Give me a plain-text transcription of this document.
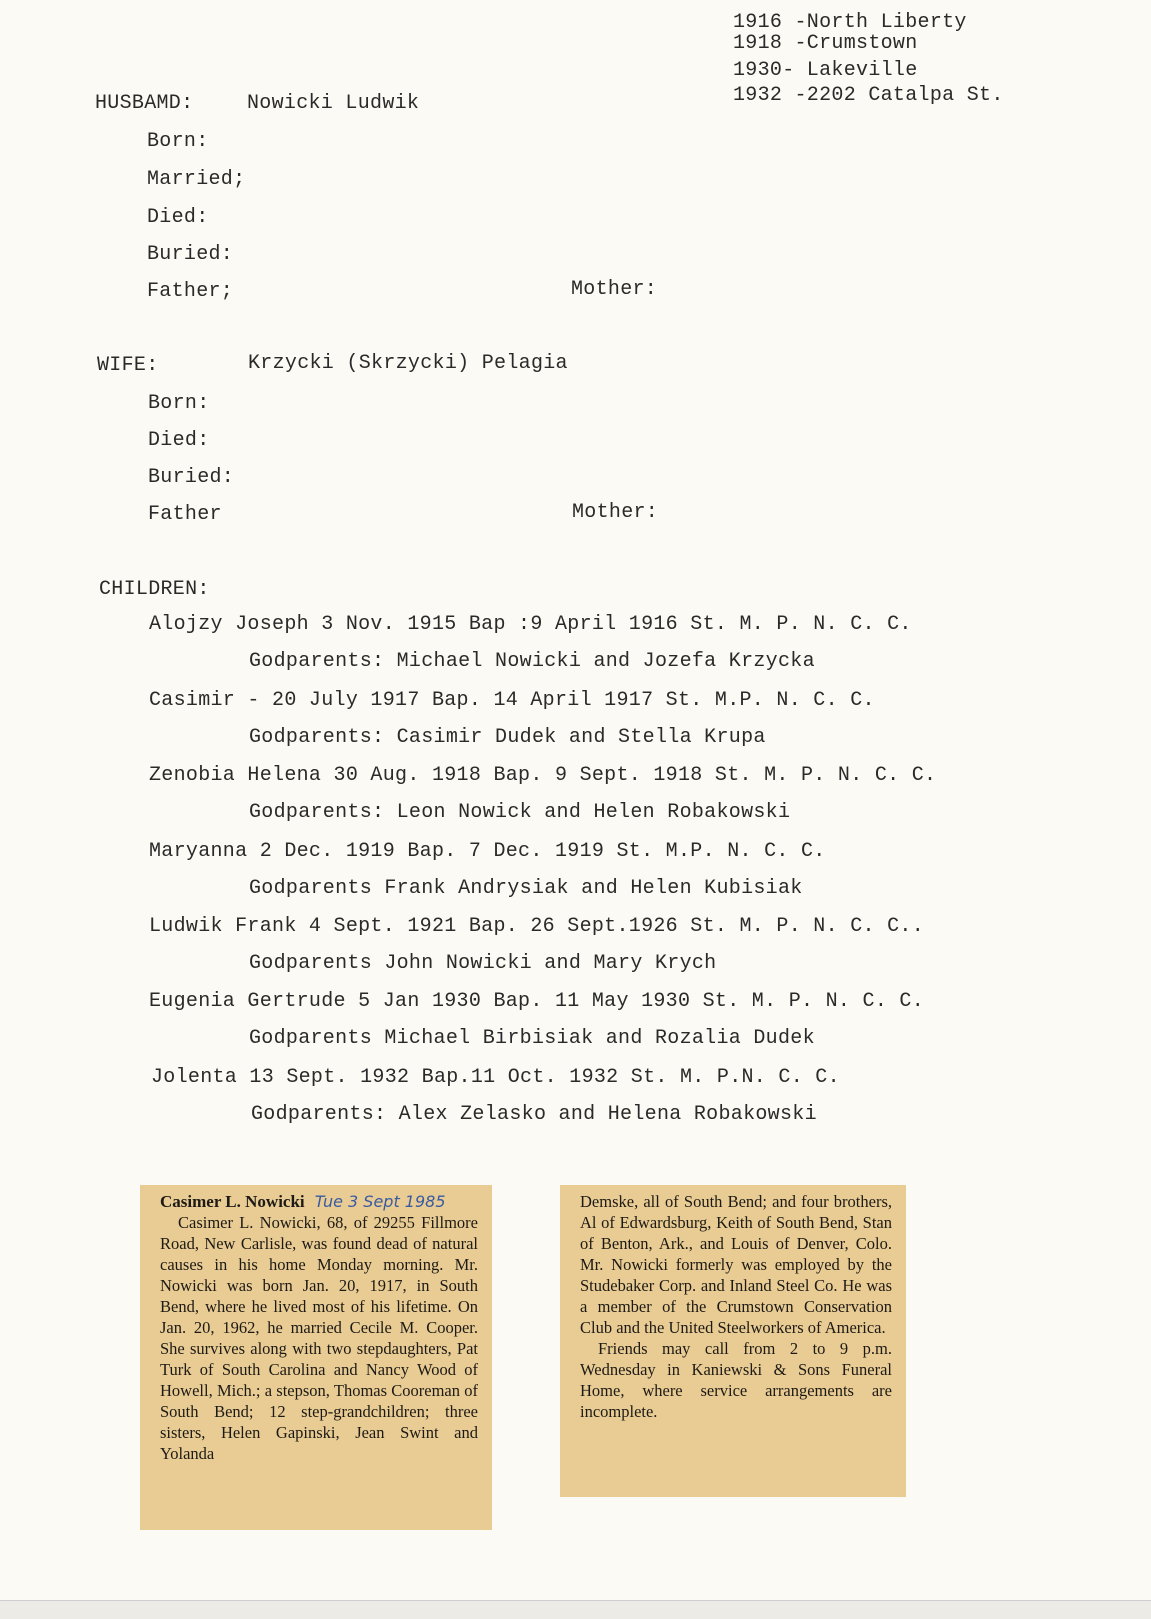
1916 -North Liberty
1918 -Crumstown
1930- Lakeville
1932 -2202 Catalpa St.
HUSBAMD:	Nowicki Ludwik
Born:
Married;
Died:
Buried:
Father;	Mother:
WIFE:	Krzycki (Skrzycki) Pelagia
Born:
Died:
Buried:
Father	Mother:
CHILDREN:
Alojzy Joseph 3 Nov. 1915 Bap :9 April 1916 St. M. P. N. C. C.
Godparents: Michael Nowicki and Jozefa Krzycka
Casimir - 20 July 1917 Bap. 14 April 1917 St. M.P. N. C. C.
Godparents: Casimir Dudek and Stella Krupa
Zenobia Helena 30 Aug. 1918 Bap. 9 Sept. 1918 St. M. P. N. C. C.
Godparents: Leon Nowick and Helen Robakowski
Maryanna 2 Dec. 1919 Bap. 7 Dec. 1919 St. M.P. N. C. C.
Godparents Frank Andrysiak and Helen Kubisiak
Ludwik Frank 4 Sept. 1921 Bap. 26 Sept.1926 St. M. P. N. C. C..
Godparents John Nowicki and Mary Krych
Eugenia Gertrude 5 Jan 1930 Bap. 11 May 1930 St. M. P. N. C. C.
Godparents Michael Birbisiak and Rozalia Dudek
Jolenta 13 Sept. 1932 Bap.11 Oct. 1932 St. M. P.N. C. C.
Godparents: Alex Zelasko and Helena Robakowski

Casimer L. Nowicki Tue 3 Sept 1985

Casimer L. Nowicki, 68, of 29255 Fillmore Road, New Carlisle, was found dead of natural causes in his home Monday morning. Mr. Nowicki was born Jan. 20, 1917, in South Bend, where he lived most of his lifetime. On Jan. 20, 1962, he married Cecile M. Cooper. She survives along with two stepdaughters, Pat Turk of South Carolina and Nancy Wood of Howell, Mich.; a stepson, Thomas Cooreman of South Bend; 12 step-grandchildren; three sisters, Helen Gapinski, Jean Swint and Yolanda

Demske, all of South Bend; and four brothers, Al of Edwardsburg, Keith of South Bend, Stan of Benton, Ark., and Louis of Denver, Colo. Mr. Nowicki formerly was employed by the Studebaker Corp. and Inland Steel Co. He was a member of the Crumstown Conservation Club and the United Steelworkers of America.

Friends may call from 2 to 9 p.m. Wednesday in Kaniewski & Sons Funeral Home, where service arrangements are incomplete.
